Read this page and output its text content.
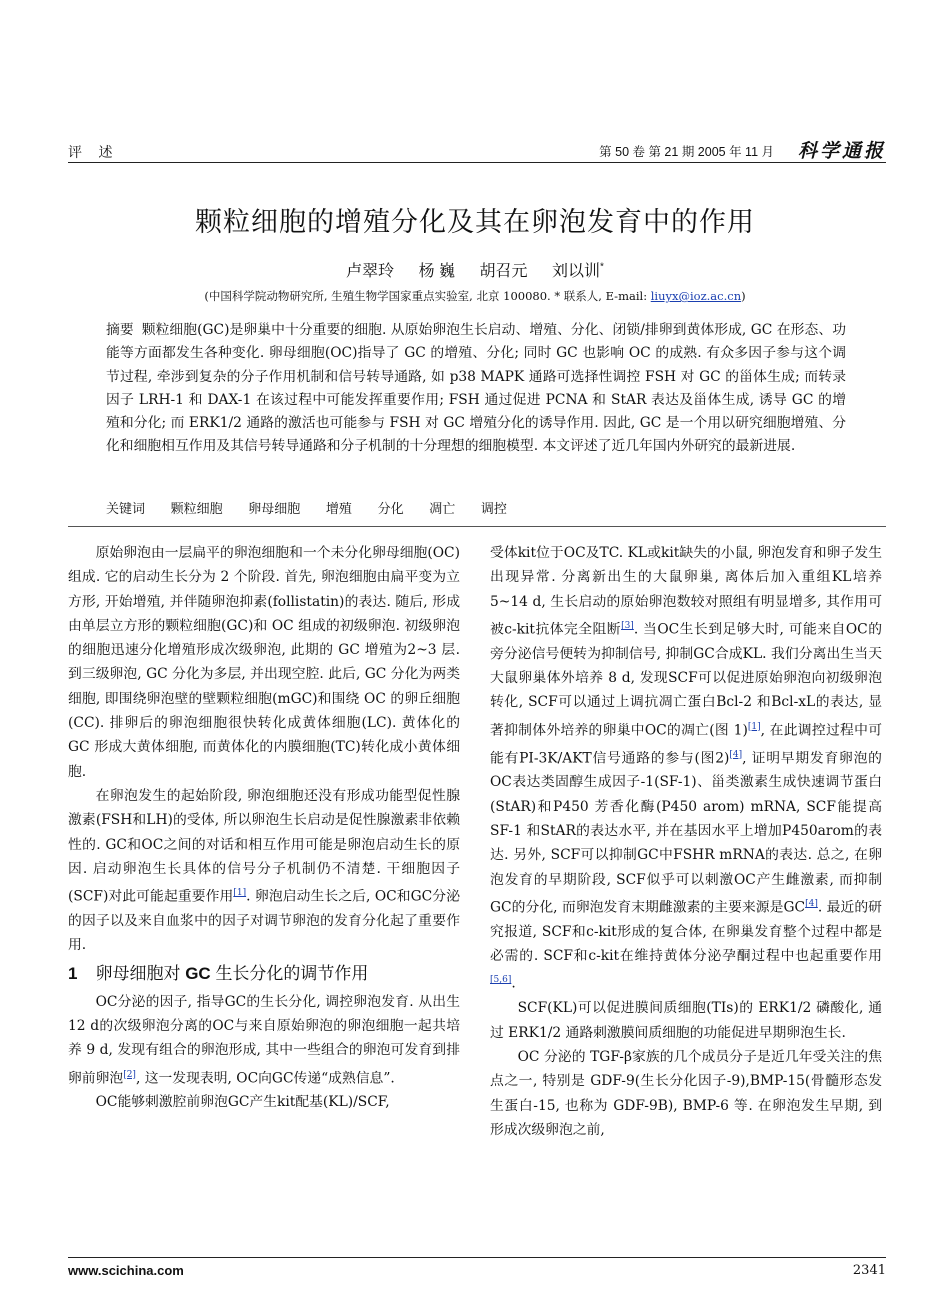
评 述	第 50 卷 第 21 期 2005 年 11 月 科学通报
颗粒细胞的增殖分化及其在卵泡发育中的作用
卢翠玲 杨 巍 胡召元 刘以训*
(中国科学院动物研究所, 生殖生物学国家重点实验室, 北京 100080. * 联系人, E-mail: liuyx@ioz.ac.cn)
摘要 颗粒细胞(GC)是卵巢中十分重要的细胞. 从原始卵泡生长启动、增殖、分化、闭锁/排卵到黄体形成, GC 在形态、功能等方面都发生各种变化. 卵母细胞(OC)指导了 GC 的增殖、分化; 同时 GC 也影响 OC 的成熟. 有众多因子参与这个调节过程, 牵涉到复杂的分子作用机制和信号转导通路, 如 p38 MAPK 通路可选择性调控 FSH 对 GC 的甾体生成; 而转录因子 LRH-1 和 DAX-1 在该过程中可能发挥重要作用; FSH 通过促进 PCNA 和 StAR 表达及甾体生成, 诱导 GC 的增殖和分化; 而 ERK1/2 通路的激活也可能参与 FSH 对 GC 增殖分化的诱导作用. 因此, GC 是一个用以研究细胞增殖、分化和细胞相互作用及其信号转导通路和分子机制的十分理想的细胞模型. 本文评述了近几年国内外研究的最新进展.
关键词 颗粒细胞 卵母细胞 增殖 分化 凋亡 调控

原始卵泡由一层扁平的卵泡细胞和一个未分化卵母细胞(OC)组成. 它的启动生长分为 2 个阶段. 首先, 卵泡细胞由扁平变为立方形, 开始增殖, 并伴随卵泡抑素(follistatin)的表达. 随后, 形成由单层立方形的颗粒细胞(GC)和 OC 组成的初级卵泡. 初级卵泡的细胞迅速分化增殖形成次级卵泡, 此期的 GC 增殖为2~3 层. 到三级卵泡, GC 分化为多层, 并出现空腔. 此后, GC 分化为两类细胞, 即围绕卵泡壁的壁颗粒细胞(mGC)和围绕 OC 的卵丘细胞(CC). 排卵后的卵泡细胞很快转化成黄体细胞(LC). 黄体化的 GC 形成大黄体细胞, 而黄体化的内膜细胞(TC)转化成小黄体细胞.

在卵泡发生的起始阶段, 卵泡细胞还没有形成功能型促性腺激素(FSH和LH)的受体, 所以卵泡生长启动是促性腺激素非依赖性的. GC和OC之间的对话和相互作用可能是卵泡启动生长的原因. 启动卵泡生长具体的信号分子机制仍不清楚. 干细胞因子(SCF)对此可能起重要作用[1]. 卵泡启动生长之后, OC和GC分泌的因子以及来自血浆中的因子对调节卵泡的发育分化起了重要作用.

1 卵母细胞对 GC 生长分化的调节作用

OC分泌的因子, 指导GC的生长分化, 调控卵泡发育. 从出生 12 d的次级卵泡分离的OC与来自原始卵泡的卵泡细胞一起共培养 9 d, 发现有组合的卵泡形成, 其中一些组合的卵泡可发育到排卵前卵泡[2], 这一发现表明, OC向GC传递“成熟信息”.

OC能够刺激腔前卵泡GC产生kit配基(KL)/SCF,

受体kit位于OC及TC. KL或kit缺失的小鼠, 卵泡发育和卵子发生出现异常. 分离新出生的大鼠卵巢, 离体后加入重组KL培养 5~14 d, 生长启动的原始卵泡数较对照组有明显增多, 其作用可被c-kit抗体完全阻断[3]. 当OC生长到足够大时, 可能来自OC的旁分泌信号便转为抑制信号, 抑制GC合成KL. 我们分离出生当天大鼠卵巢体外培养 8 d, 发现SCF可以促进原始卵泡向初级卵泡转化, SCF可以通过上调抗凋亡蛋白Bcl-2 和Bcl-xL的表达, 显著抑制体外培养的卵巢中OC的凋亡(图 1)[1], 在此调控过程中可能有PI-3K/AKT信号通路的参与(图2)[4], 证明早期发育卵泡的OC表达类固醇生成因子-1(SF-1)、甾类激素生成快速调节蛋白(StAR)和P450 芳香化酶(P450 arom) mRNA, SCF能提高SF-1 和StAR的表达水平, 并在基因水平上增加P450arom的表达. 另外, SCF可以抑制GC中FSHR mRNA的表达. 总之, 在卵泡发育的早期阶段, SCF似乎可以刺激OC产生雌激素, 而抑制GC的分化, 而卵泡发育末期雌激素的主要来源是GC[4]. 最近的研究报道, SCF和c-kit形成的复合体, 在卵巢发育整个过程中都是必需的. SCF和c-kit在维持黄体分泌孕酮过程中也起重要作用[5,6].

SCF(KL)可以促进膜间质细胞(TIs)的 ERK1/2 磷酸化, 通过 ERK1/2 通路刺激膜间质细胞的功能促进早期卵泡生长.

OC 分泌的 TGF-β家族的几个成员分子是近几年受关注的焦点之一, 特别是 GDF-9(生长分化因子-9),BMP-15(骨髓形态发生蛋白-15, 也称为 GDF-9B), BMP-6 等. 在卵泡发生早期, 到形成次级卵泡之前,

www.scichina.com	2341
